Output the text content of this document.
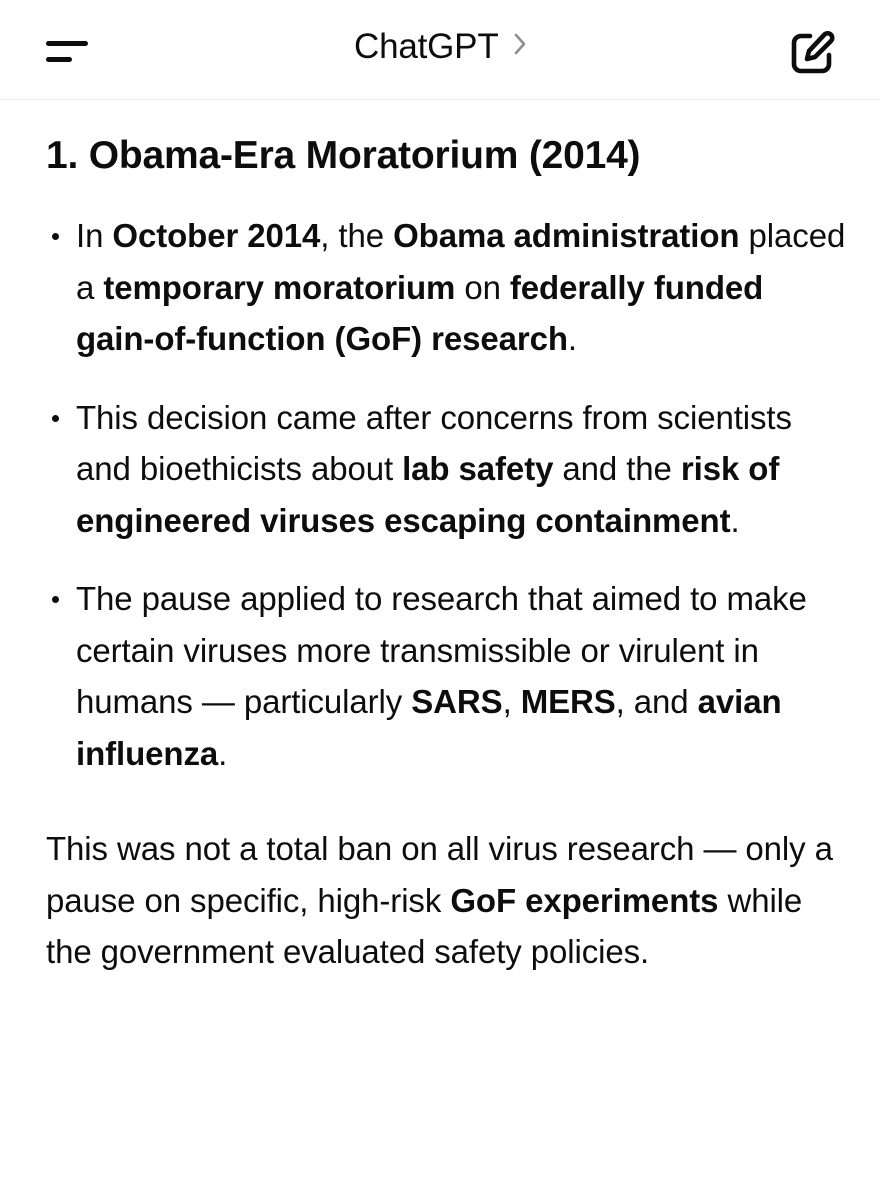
ChatGPT
1. Obama-Era Moratorium (2014)
In October 2014, the Obama administration placed a temporary moratorium on federally funded gain-of-function (GoF) research.
This decision came after concerns from scientists and bioethicists about lab safety and the risk of engineered viruses escaping containment.
The pause applied to research that aimed to make certain viruses more transmissible or virulent in humans — particularly SARS, MERS, and avian influenza.

This was not a total ban on all virus research — only a pause on specific, high-risk GoF experiments while the government evaluated safety policies.
